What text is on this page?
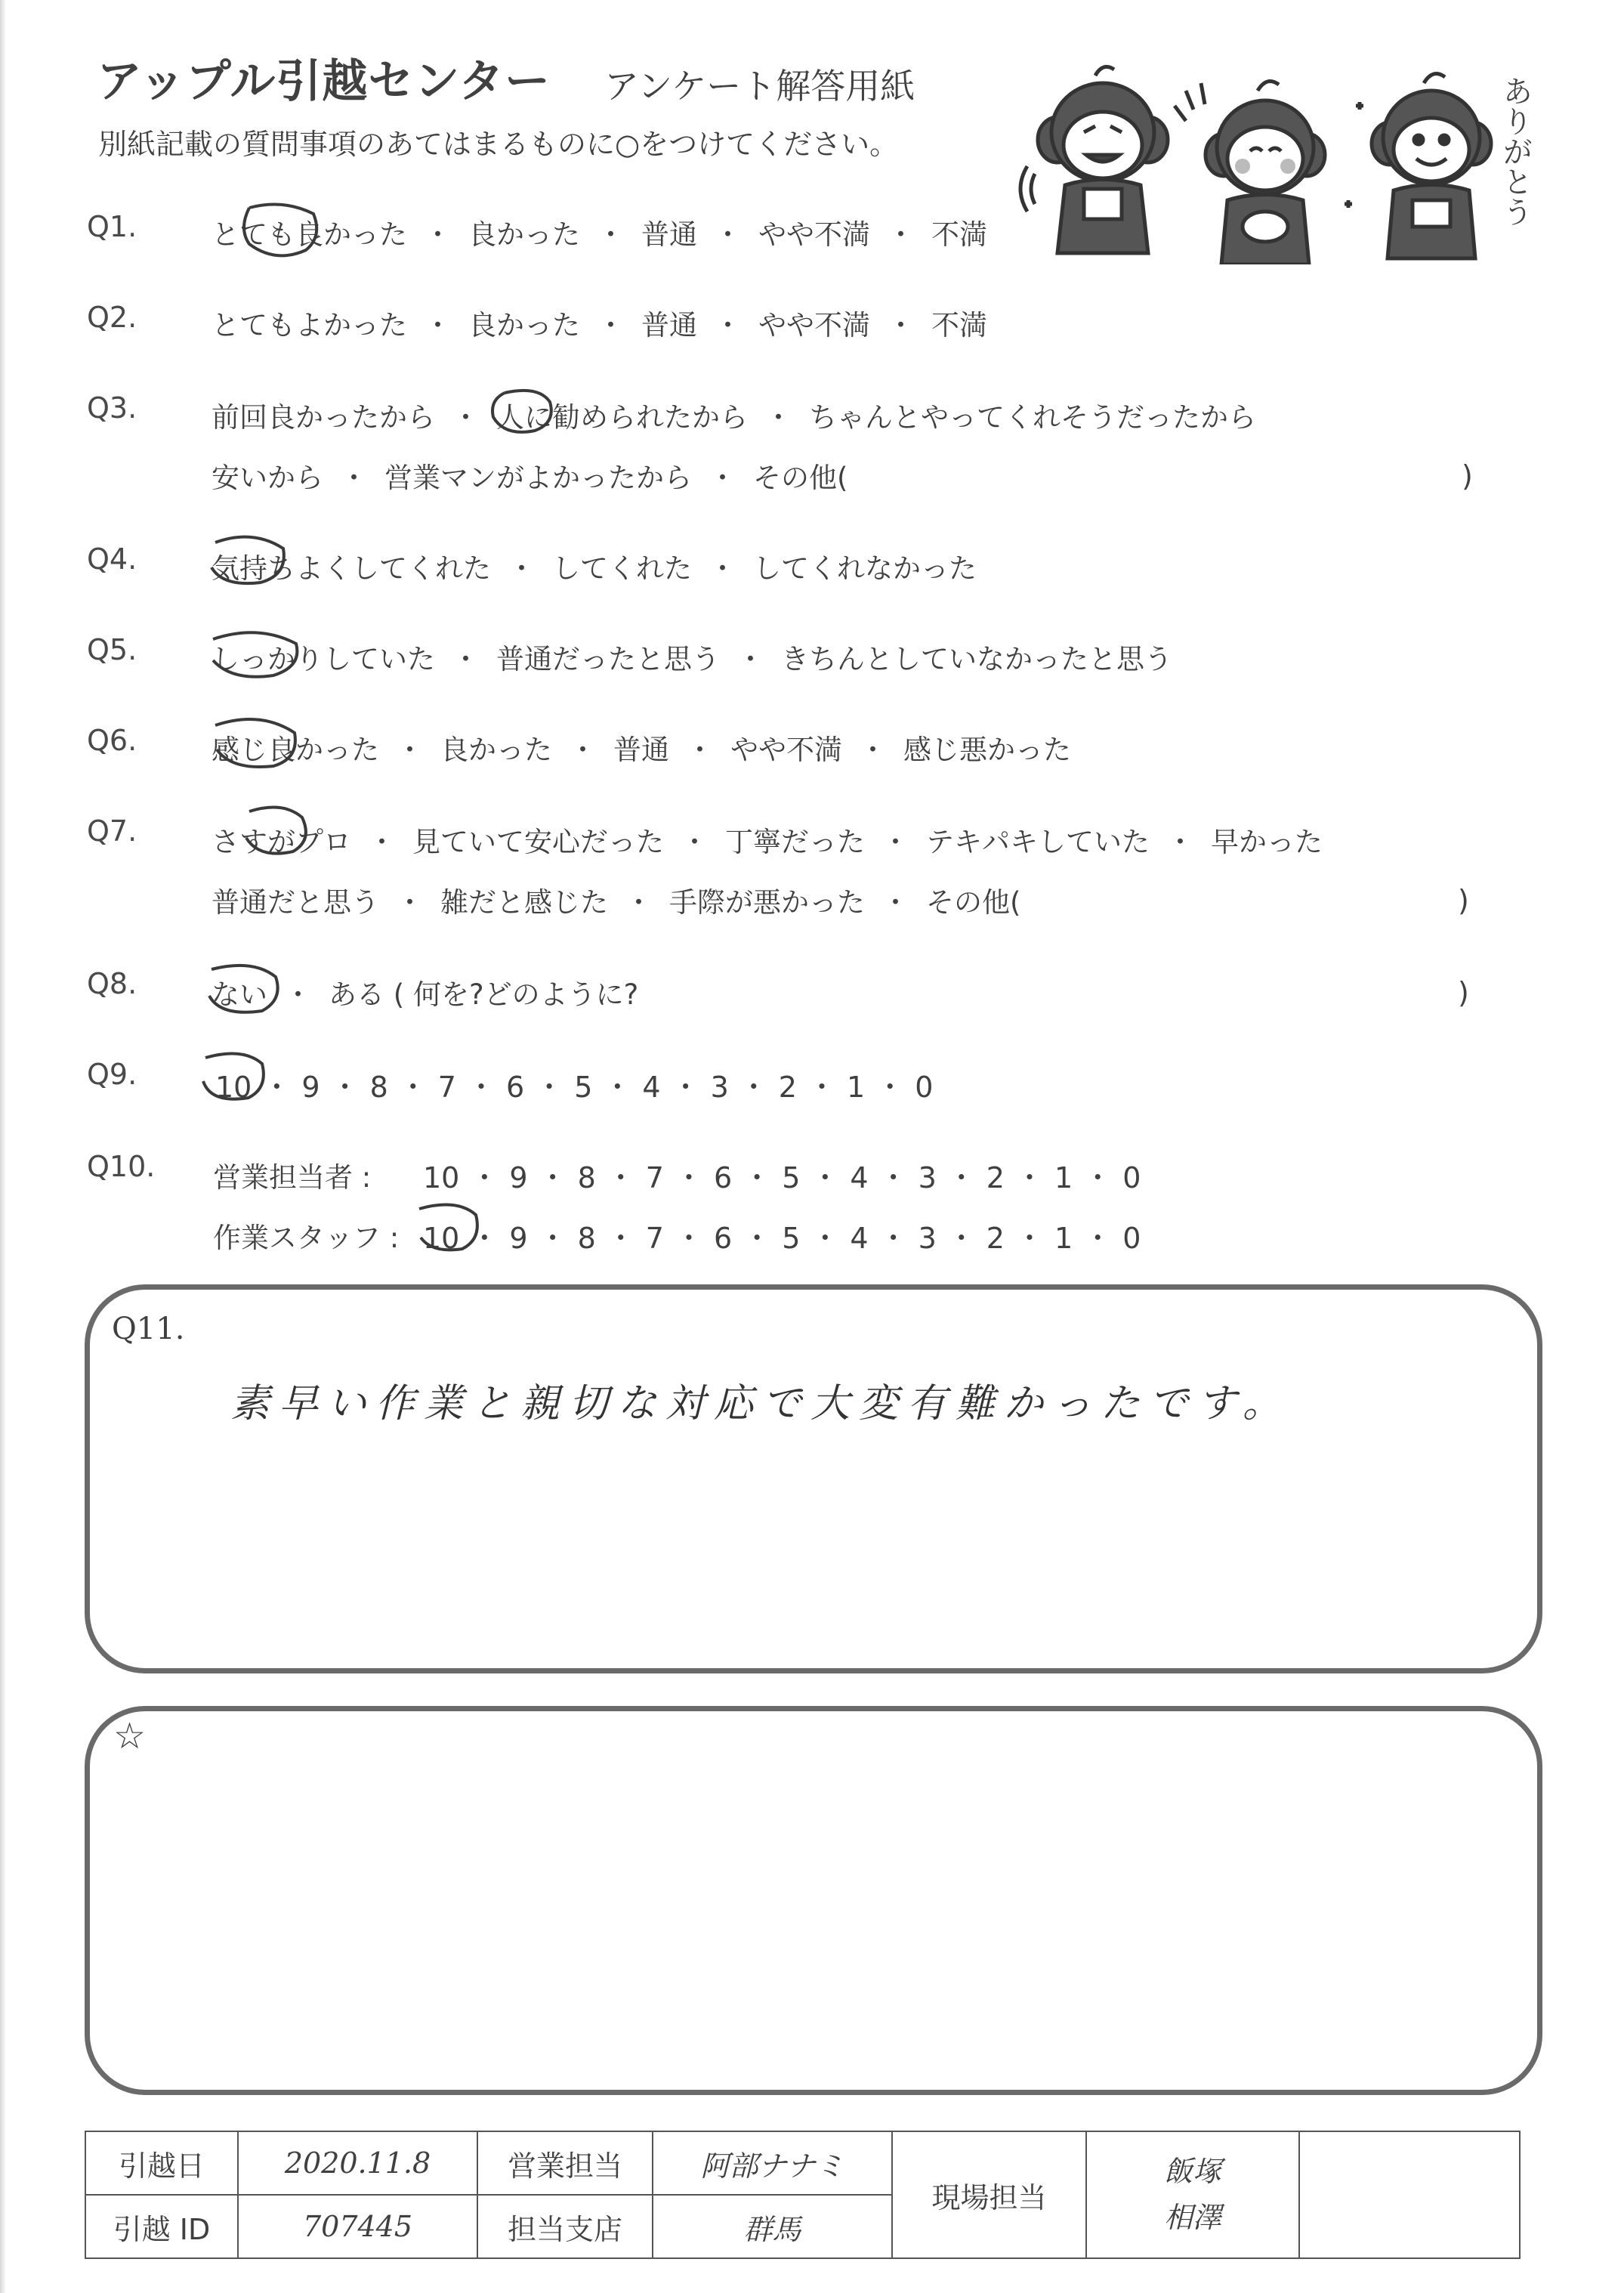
アップル引越センター アンケート解答用紙
別紙記載の質問事項のあてはまるものに○をつけてください。	ありがとう
Q1.	とても良かった ・ 良かった ・ 普通 ・ やや不満 ・ 不満
Q2.	とてもよかった ・ 良かった ・ 普通 ・ やや不満 ・ 不満
Q3.	前回良かったから ・ 人に勧められたから ・ ちゃんとやってくれそうだったから
安いから ・ 営業マンがよかったから ・ その他(	)
Q4.	気持ちよくしてくれた ・ してくれた ・ してくれなかった
Q5.	しっかりしていた ・ 普通だったと思う ・ きちんとしていなかったと思う
Q6.	感じ良かった ・ 良かった ・ 普通 ・ やや不満 ・ 感じ悪かった
Q7.	さすがプロ ・ 見ていて安心だった ・ 丁寧だった ・ テキパキしていた ・ 早かった
普通だと思う ・ 雑だと感じた ・ 手際が悪かった ・ その他(	)
Q8.	ない ・ ある ( 何を?どのように?	)
Q9.	10 ・ 9 ・ 8 ・ 7 ・ 6 ・ 5 ・ 4 ・ 3 ・ 2 ・ 1 ・ 0
Q10. 営業担当者 : 10 ・ 9 ・ 8 ・ 7 ・ 6 ・ 5 ・ 4 ・ 3 ・ 2 ・ 1 ・ 0
作業スタッフ : 10 ・ 9 ・ 8 ・ 7 ・ 6 ・ 5 ・ 4 ・ 3 ・ 2 ・ 1 ・ 0
Q11.
素早い作業と親切な対応で大変有難かったです。
☆
引越日	2020.11.8	営業担当	阿部ナナミ	現場担当	飯塚
相澤	
引越 ID	707445	担当支店	群馬			
